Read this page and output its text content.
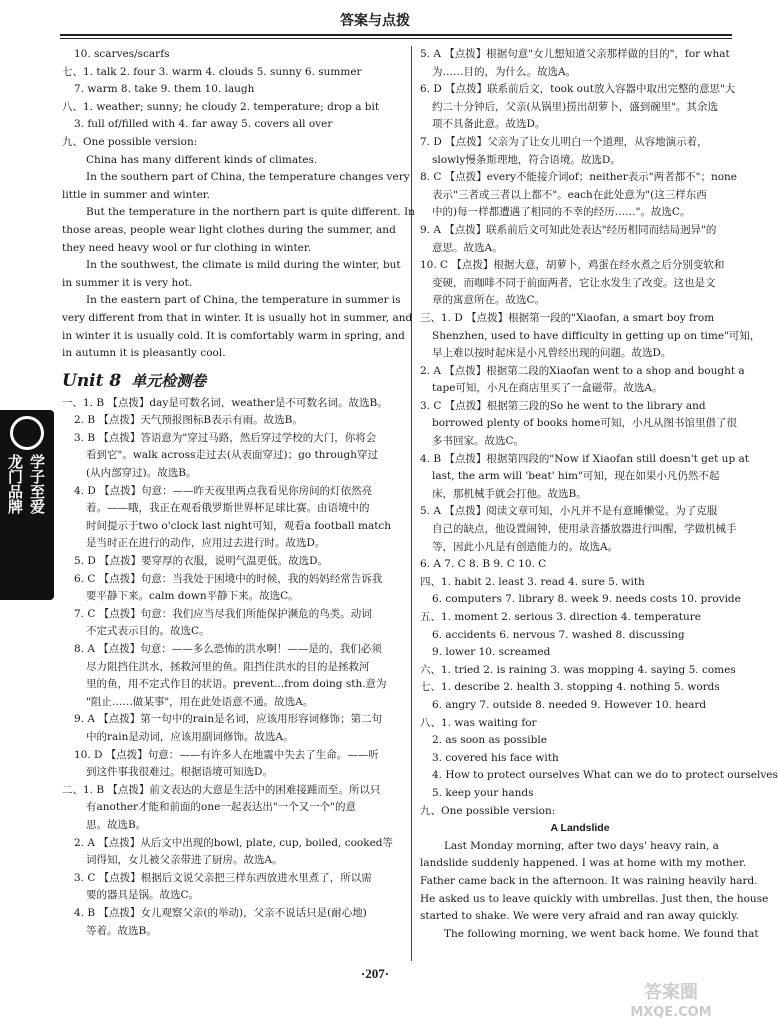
答案与点拨
10. scarves/scarfs
七、1. talk 2. four 3. warm 4. clouds 5. sunny 6. summer
7. warm 8. take 9. them 10. laugh
八、1. weather; sunny; he cloudy 2. temperature; drop a bit
3. full of/filled with 4. far away 5. covers all over
九、One possible version:
China has many different kinds of climates.
In the southern part of China, the temperature changes very
little in summer and winter.
But the temperature in the northern part is quite different. In
those areas, people wear light clothes during the summer, and
they need heavy wool or fur clothing in winter.
In the southwest, the climate is mild during the winter, but
in summer it is very hot.
In the eastern part of China, the temperature in summer is
very different from that in winter. It is usually hot in summer, and
in winter it is usually cold. It is comfortably warm in spring, and
in autumn it is pleasantly cool.
Unit 8 单元检测卷
一、1. B 【点拨】day是可数名词，weather是不可数名词。故选B。
2. B 【点拨】天气预报图标B表示有雨。故选B。
3. B 【点拨】答语意为"穿过马路，然后穿过学校的大门，你将会
看到它"。walk across走过去(从表面穿过)；go through穿过
(从内部穿过)。故选B。
4. D 【点拨】句意：——昨天夜里两点我看见你房间的灯依然亮
着。——哦，我正在观看俄罗斯世界杯足球比赛。由语境中的
时间提示于two o'clock last night可知，观看a football match
是当时正在进行的动作，应用过去进行时。故选D。
5. D 【点拨】要穿厚的衣服，说明气温更低。故选D。
6. C 【点拨】句意：当我处于困境中的时候，我的妈妈经常告诉我
要平静下来。calm down平静下来。故选C。
7. C 【点拨】句意：我们应当尽我们所能保护濒危的鸟类。动词
不定式表示目的。故选C。
8. A 【点拨】句意：——多么恐怖的洪水啊！——是的，我们必须
尽力阻挡住洪水，拯救河里的鱼。阻挡住洪水的目的是拯救河
里的鱼，用不定式作目的状语。prevent...from doing sth.意为
"阻止……做某事"，用在此处语意不通。故选A。
9. A 【点拨】第一句中的rain是名词，应该用形容词修饰；第二句
中的rain是动词，应该用副词修饰。故选A。
10. D 【点拨】句意：——有许多人在地震中失去了生命。——听
到这件事我很难过。根据语境可知选D。
二、1. B 【点拨】前文表达的大意是生活中的困难接踵而至。所以只
有another才能和前面的one一起表达出"一个又一个"的意
思。故选B。
2. A 【点拨】从后文中出现的bowl, plate, cup, boiled, cooked等
词得知，女儿被父亲带进了厨房。故选A。
3. C 【点拨】根据后文说父亲把三样东西放进水里煮了，所以需
要的器具是锅。故选C。
4. B 【点拨】女儿观察父亲(的举动)，父亲不说话只是(耐心地)
等着。故选B。
5. A 【点拨】根据句意"女儿想知道父亲那样做的目的"，for what
为……目的，为什么。故选A。
6. D 【点拨】联系前后文，took out放入容器中取出完整的意思"大
约二十分钟后，父亲(从锅里)捞出胡萝卜，盛到碗里"。其余选
项不具备此意。故选D。
7. D 【点拨】父亲为了让女儿明白一个道理，从容地演示着，
slowly慢条斯理地，符合语境。故选D。
8. C 【点拨】every不能接介词of；neither表示"两者都不"；none
表示"三者或三者以上都不"。each在此处意为"(这三样东西
中的)每一样都遭遇了相同的不幸的经历……"。故选C。
9. A 【点拨】联系前后文可知此处表达"经历相同而结局迥异"的
意思。故选A。
10. C 【点拨】根据大意，胡萝卜，鸡蛋在经水煮之后分别变软和
变硬，而咖啡不同于前面两者，它让水发生了改变。这也是文
章的寓意所在。故选C。
三、1. D 【点拨】根据第一段的"Xiaofan, a smart boy from
Shenzhen, used to have difficulty in getting up on time"可知，
早上难以按时起床是小凡曾经出现的问题。故选D。
2. A 【点拨】根据第二段的Xiaofan went to a shop and bought a
tape可知，小凡在商店里买了一盒磁带。故选A。
3. C 【点拨】根据第三段的So he went to the library and
borrowed plenty of books home可知，小凡从图书馆里借了很
多书回家。故选C。
4. B 【点拨】根据第四段的"Now if Xiaofan still doesn't get up at
last, the arm will 'beat' him"可知，现在如果小凡仍然不起
床，那机械手就会打他。故选B。
5. A 【点拨】阅读文章可知，小凡并不是有意睡懒觉。为了克服
自己的缺点，他设置闹钟，使用录音播放器进行叫醒，学做机械手
等，因此小凡是有创造能力的。故选A。
6. A 7. C 8. B 9. C 10. C
四、1. habit 2. least 3. read 4. sure 5. with
6. computers 7. library 8. week 9. needs costs 10. provide
五、1. moment 2. serious 3. direction 4. temperature
6. accidents 6. nervous 7. washed 8. discussing
9. lower 10. screamed
六、1. tried 2. is raining 3. was mopping 4. saying 5. comes
七、1. describe 2. health 3. stopping 4. nothing 5. words
6. angry 7. outside 8. needed 9. However 10. heard
八、1. was waiting for
2. as soon as possible
3. covered his face with
4. How to protect ourselves What can we do to protect ourselves
5. keep your hands
九、One possible version:
A Landslide
Last Monday morning, after two days' heavy rain, a
landslide suddenly happened. I was at home with my mother.
Father came back in the afternoon. It was raining heavily hard.
He asked us to leave quickly with umbrellas. Just then, the house
started to shake. We were very afraid and ran away quickly.
The following morning, we went back home. We found that
龙门品牌 学子至爱
·207·
答案圈
MXQE.COM
